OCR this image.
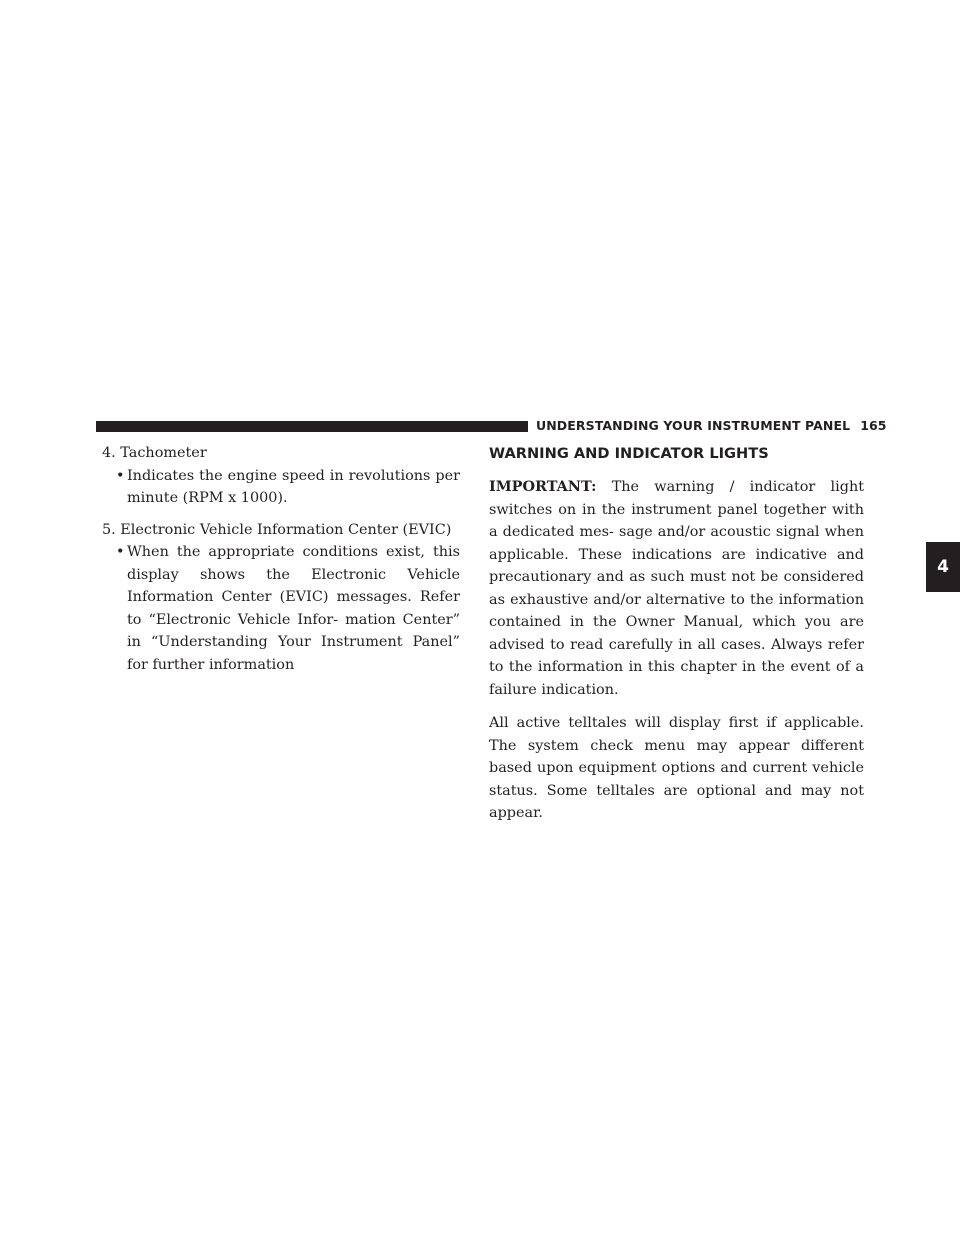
UNDERSTANDING YOUR INSTRUMENT PANEL 165
4
4. Tachometer
• Indicates the engine speed in revolutions per minute (RPM x 1000).
5. Electronic Vehicle Information Center (EVIC)
• When the appropriate conditions exist, this display shows the Electronic Vehicle Information Center (EVIC) messages. Refer to “Electronic Vehicle Infor- mation Center” in “Understanding Your Instrument Panel” for further information
WARNING AND INDICATOR LIGHTS
IMPORTANT: The warning / indicator light switches on in the instrument panel together with a dedicated mes- sage and/or acoustic signal when applicable. These indications are indicative and precautionary and as such must not be considered as exhaustive and/or alternative to the information contained in the Owner Manual, which you are advised to read carefully in all cases. Always refer to the information in this chapter in the event of a failure indication.
All active telltales will display first if applicable. The system check menu may appear different based upon equipment options and current vehicle status. Some telltales are optional and may not appear.
